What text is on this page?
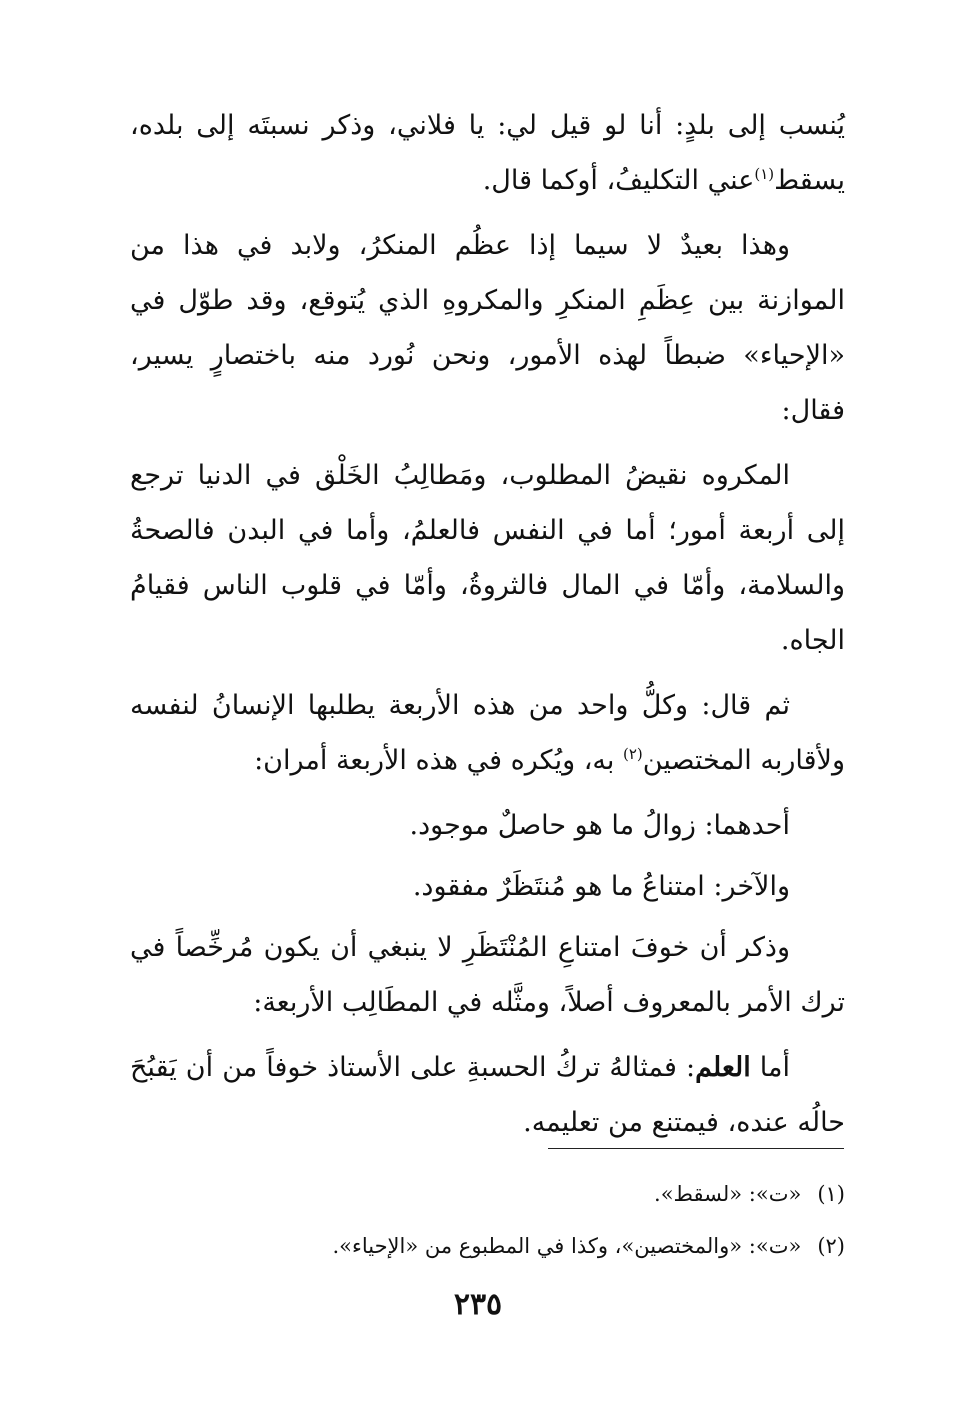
يُنسب إلى بلدٍ: أنا لو قيل لي: يا فلاني، وذكر نسبتَه إلى بلده، يسقط$^{(١)}$عني التكليفُ، أوكما قال.

وهذا بعيدٌ لا سيما إذا عظُم المنكرُ، ولابد في هذا من الموازنة بين عِظَمِ المنكرِ والمكروهِ الذي يُتوقع، وقد طوّل في «الإحياء» ضبطاً لهذه الأمور، ونحن نُورد منه باختصارٍ يسير، فقال:

المكروه نقيضُ المطلوب، ومَطالِبُ الخَلْق في الدنيا ترجع إلى أربعة أمور؛ أما في النفس فالعلمُ، وأما في البدن فالصحةُ والسلامة، وأمّا في المال فالثروةُ، وأمّا في قلوب الناس فقيامُ الجاه.

ثم قال: وكلُّ واحد من هذه الأربعة يطلبها الإنسانُ لنفسه ولأقاربه المختصين$^{(٢)}$ به، ويُكره في هذه الأربعة أمران:

أحدهما: زوالُ ما هو حاصلٌ موجود.

والآخر: امتناعُ ما هو مُنتَظَرٌ مفقود.

وذكر أن خوفَ امتناعِ المُنْتَظَرِ لا ينبغي أن يكون مُرخِّصاً في ترك الأمر بالمعروف أصلاً، ومثَّله في المطَالِب الأربعة:

أما العلم: فمثالهُ تركُ الحسبةِ على الأستاذ خوفاً من أن يَقبُحَ حالُه عنده، فيمتنع من تعليمه.

(١)«ت»: «لسقط».

(٢)«ت»: «والمختصين»، وكذا في المطبوع من «الإحياء».

٢٣٥
